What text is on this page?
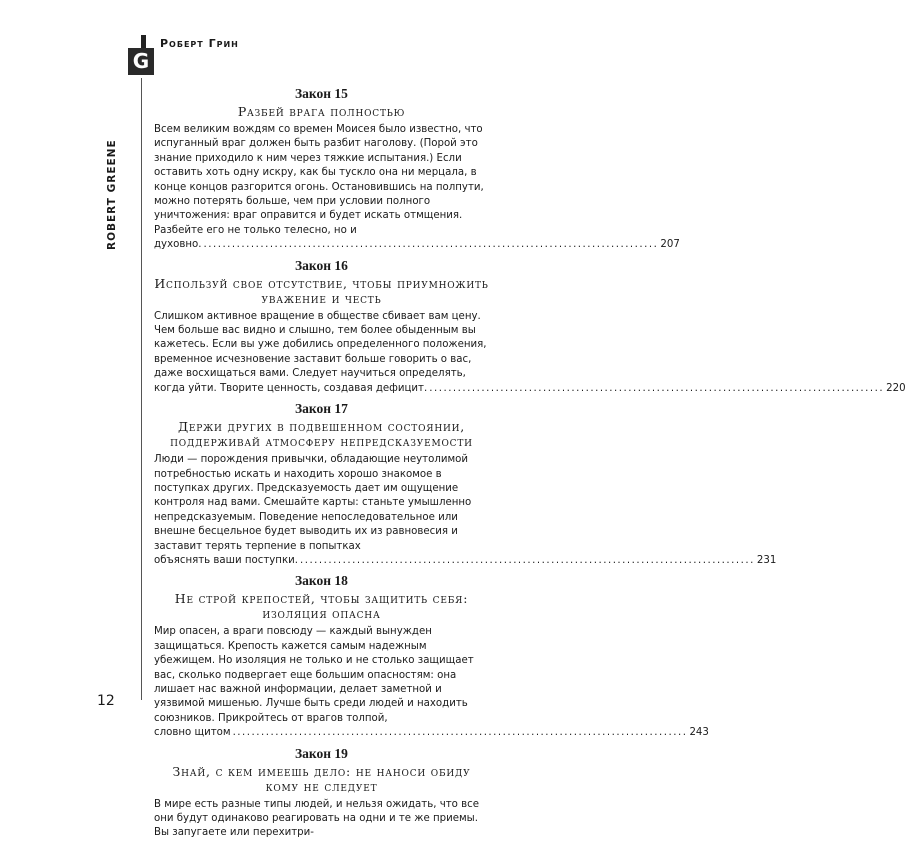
G
Роберт Грин
ROBERT GREENE

Закон 15

Разбей врага полностью

Всем великим вождям со времен Моисея было известно, что испуганный враг должен быть разбит наголову. (Порой это знание приходило к ним через тяжкие испытания.) Если оставить хоть одну искру, как бы тускло она ни мерцала, в конце концов разгорится огонь. Остановившись на полпути, можно потерять больше, чем при условии полного уничтожения: враг оправится и будет искать отмщения. Разбейте его не только телесно, но и

духовно. ................................................................................................ 207

Закон 16

Используй свое отсутствие, чтобы приумножить уважение и честь

Слишком активное вращение в обществе сбивает вам цену. Чем больше вас видно и слышно, тем более обыденным вы кажетесь. Если вы уже добились определенного положения, временное исчезновение заставит больше говорить о вас, даже восхищаться вами. Следует научиться определять,

когда уйти. Творите ценность, создавая дефицит. ................................................................................................ 220

Закон 17

Держи других в подвешенном состоянии, поддерживай атмосферу непредсказуемости

Люди — порождения привычки, обладающие неутолимой потребностью искать и находить хорошо знакомое в поступках других. Предсказуемость дает им ощущение контроля над вами. Смешайте карты: станьте умышленно непредсказуемым. Поведение непоследовательное или внешне бесцельное будет выводить их из равновесия и заставит терять терпение в попытках

объяснять ваши поступки. ................................................................................................ 231

Закон 18

Не строй крепостей, чтобы защитить себя: изоляция опасна

Мир опасен, а враги повсюду — каждый вынужден защищаться. Крепость кажется самым надежным убежищем. Но изоляция не только и не столько защищает вас, сколько подвергает еще большим опасностям: она лишает нас важной информации, делает заметной и уязвимой мишенью. Лучше быть среди людей и находить союзников. Прикройтесь от врагов толпой,

словно щитом ................................................................................................ 243

Закон 19

Знай, с кем имеешь дело: не наноси обиду кому не следует

В мире есть разные типы людей, и нельзя ожидать, что все они будут одинаково реагировать на одни и те же приемы. Вы запугаете или перехитри-

12
